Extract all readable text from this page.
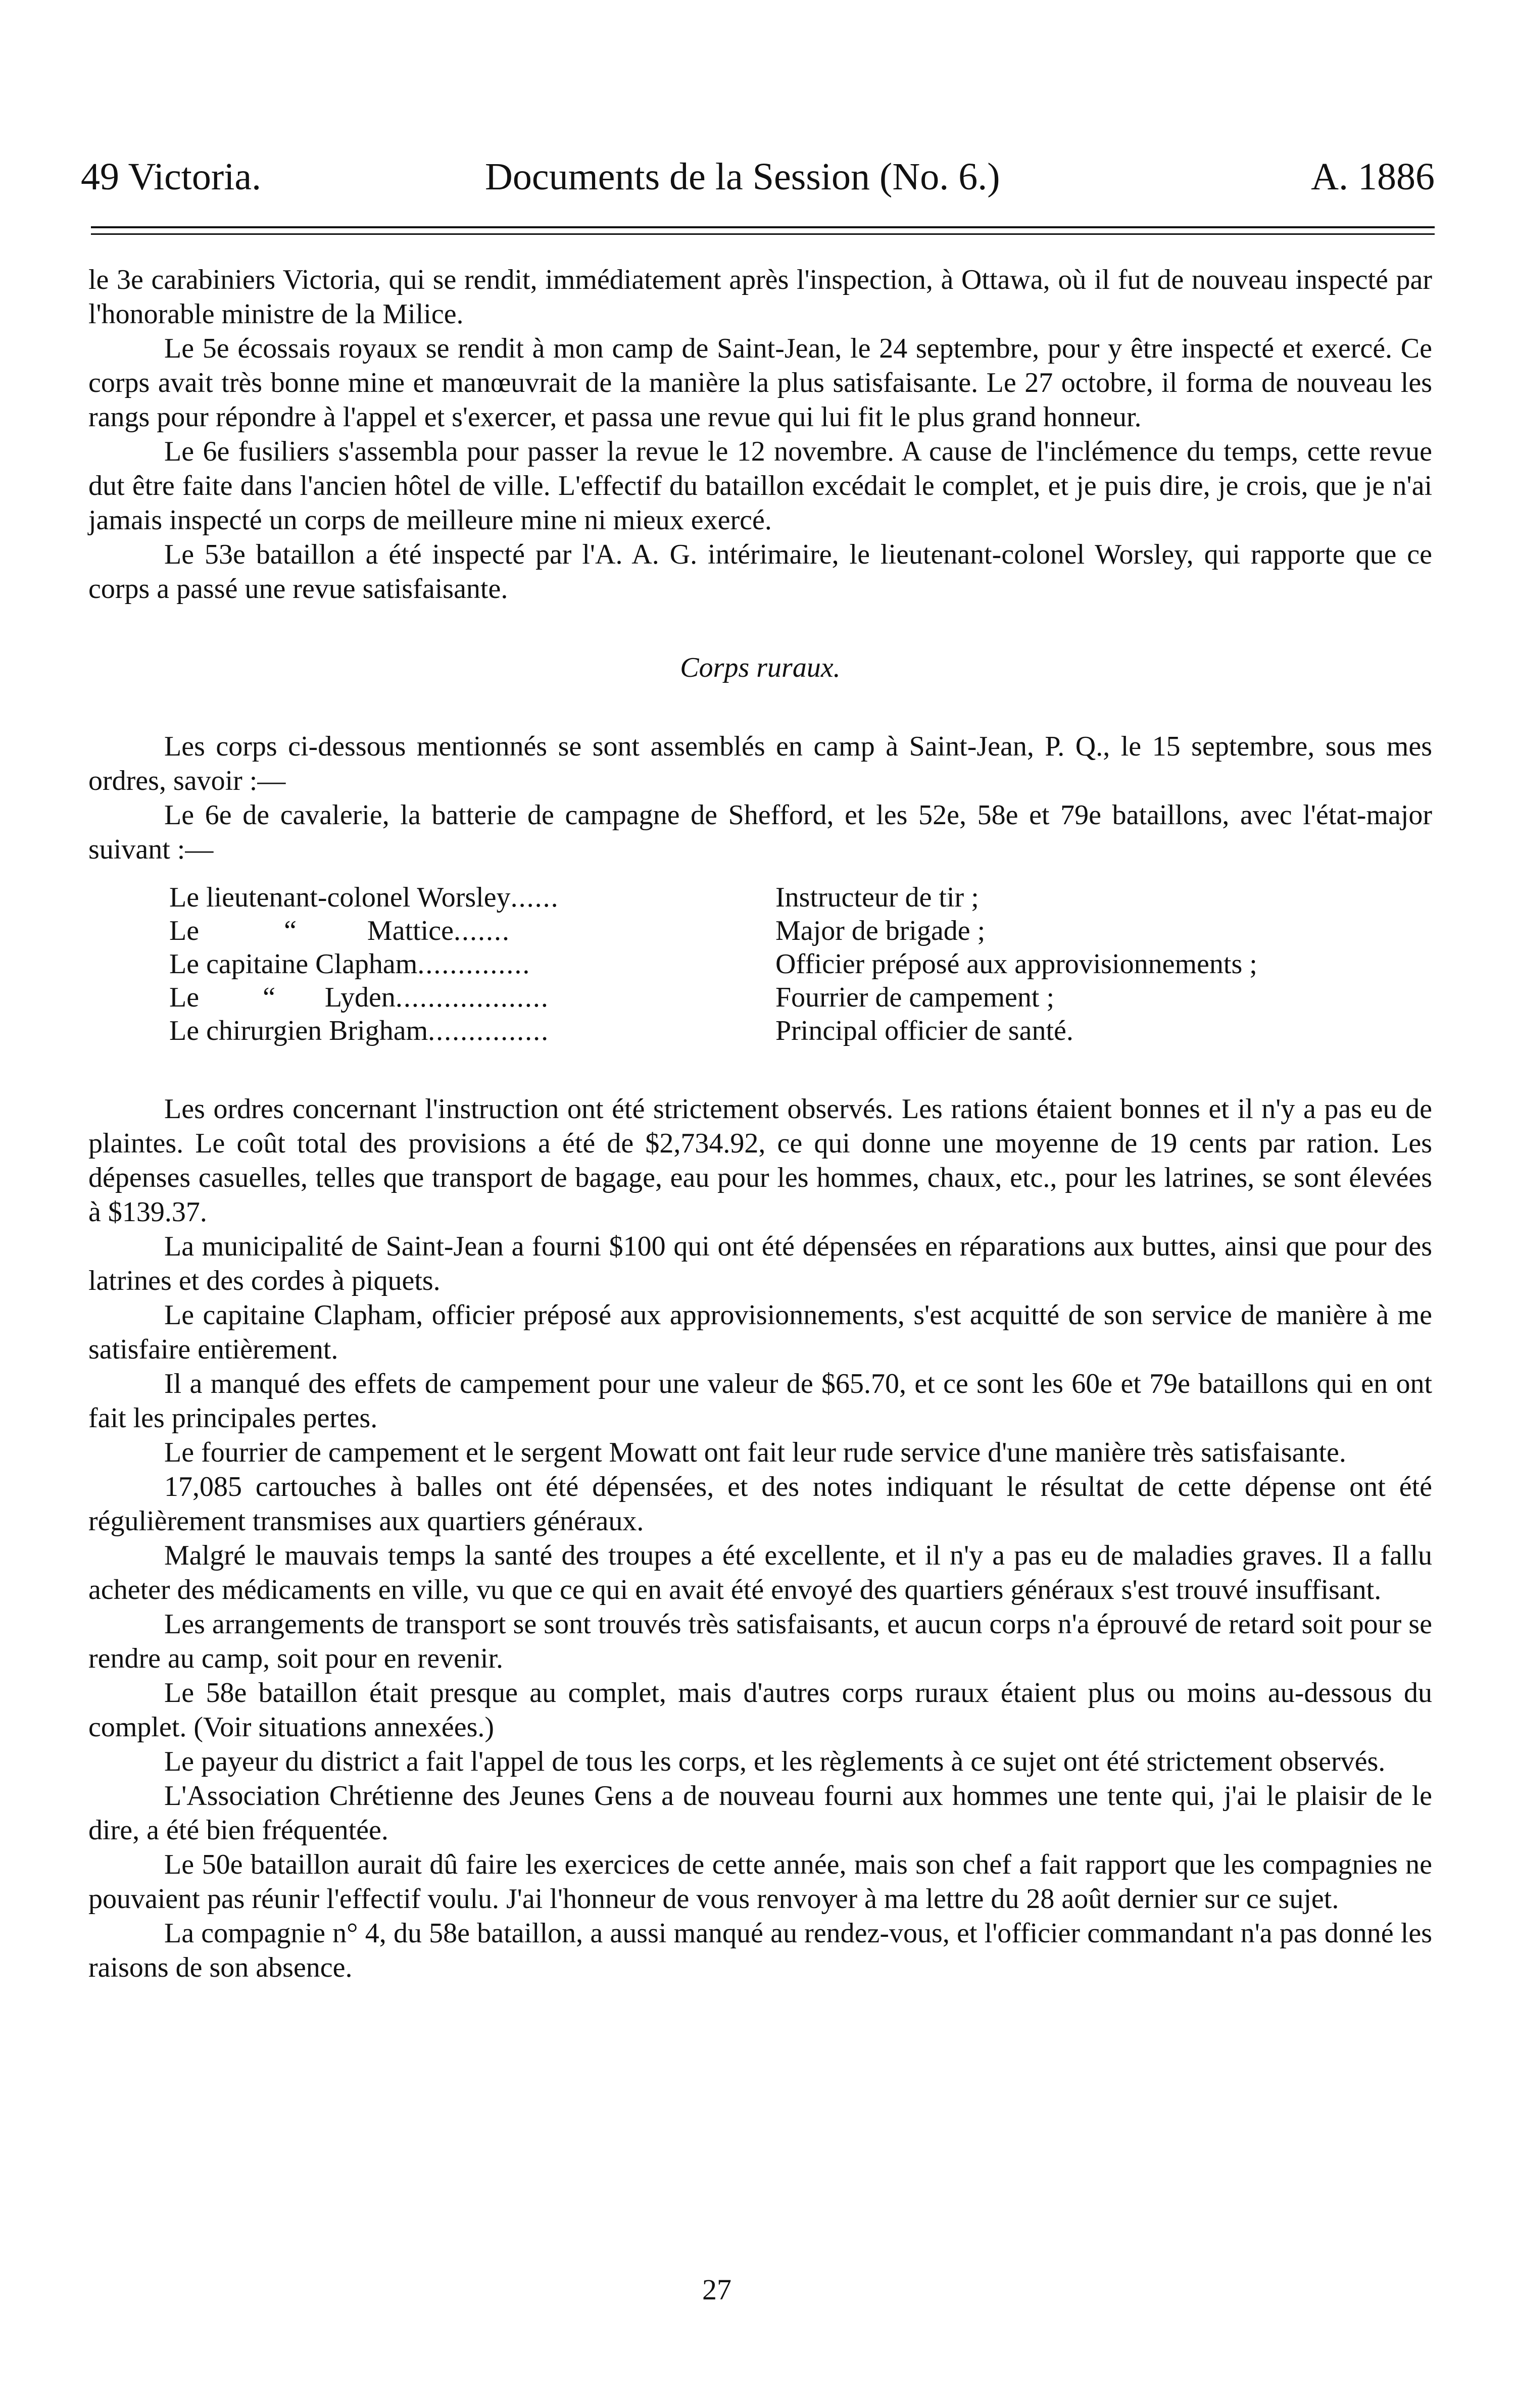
49 Victoria.	Documents de la Session (No. 6.)	A. 1886

le 3e carabiniers Victoria, qui se rendit, immédiatement après l'inspection, à Ottawa, où il fut de nouveau inspecté par l'honorable ministre de la Milice.

Le 5e écossais royaux se rendit à mon camp de Saint-Jean, le 24 septembre, pour y être inspecté et exercé. Ce corps avait très bonne mine et manœuvrait de la manière la plus satisfaisante. Le 27 octobre, il forma de nouveau les rangs pour répondre à l'appel et s'exercer, et passa une revue qui lui fit le plus grand honneur.

Le 6e fusiliers s'assembla pour passer la revue le 12 novembre. A cause de l'inclémence du temps, cette revue dut être faite dans l'ancien hôtel de ville. L'effectif du bataillon excédait le complet, et je puis dire, je crois, que je n'ai jamais inspecté un corps de meilleure mine ni mieux exercé.

Le 53e bataillon a été inspecté par l'A. A. G. intérimaire, le lieutenant-colonel Worsley, qui rapporte que ce corps a passé une revue satisfaisante.

Corps ruraux.

Les corps ci-dessous mentionnés se sont assemblés en camp à Saint-Jean, P. Q., le 15 septembre, sous mes ordres, savoir :—

Le 6e de cavalerie, la batterie de campagne de Shefford, et les 52e, 58e et 79e bataillons, avec l'état-major suivant :—

Le lieutenant-colonel Worsley......	Instructeur de tir ;
Le            “          Mattice.......	Major de brigade ;
Le capitaine Clapham..............	Officier préposé aux approvisionnements ;
Le         “       Lyden...................	Fourrier de campement ;
Le chirurgien Brigham...............	Principal officier de santé.

Les ordres concernant l'instruction ont été strictement observés. Les rations étaient bonnes et il n'y a pas eu de plaintes. Le coût total des provisions a été de $2,734.92, ce qui donne une moyenne de 19 cents par ration. Les dépenses casuelles, telles que transport de bagage, eau pour les hommes, chaux, etc., pour les latrines, se sont élevées à $139.37.

La municipalité de Saint-Jean a fourni $100 qui ont été dépensées en réparations aux buttes, ainsi que pour des latrines et des cordes à piquets.

Le capitaine Clapham, officier préposé aux approvisionnements, s'est acquitté de son service de manière à me satisfaire entièrement.

Il a manqué des effets de campement pour une valeur de $65.70, et ce sont les 60e et 79e bataillons qui en ont fait les principales pertes.

Le fourrier de campement et le sergent Mowatt ont fait leur rude service d'une manière très satisfaisante.

17,085 cartouches à balles ont été dépensées, et des notes indiquant le résultat de cette dépense ont été régulièrement transmises aux quartiers généraux.

Malgré le mauvais temps la santé des troupes a été excellente, et il n'y a pas eu de maladies graves. Il a fallu acheter des médicaments en ville, vu que ce qui en avait été envoyé des quartiers généraux s'est trouvé insuffisant.

Les arrangements de transport se sont trouvés très satisfaisants, et aucun corps n'a éprouvé de retard soit pour se rendre au camp, soit pour en revenir.

Le 58e bataillon était presque au complet, mais d'autres corps ruraux étaient plus ou moins au-dessous du complet. (Voir situations annexées.)

Le payeur du district a fait l'appel de tous les corps, et les règlements à ce sujet ont été strictement observés.

L'Association Chrétienne des Jeunes Gens a de nouveau fourni aux hommes une tente qui, j'ai le plaisir de le dire, a été bien fréquentée.

Le 50e bataillon aurait dû faire les exercices de cette année, mais son chef a fait rapport que les compagnies ne pouvaient pas réunir l'effectif voulu. J'ai l'honneur de vous renvoyer à ma lettre du 28 août dernier sur ce sujet.

La compagnie n° 4, du 58e bataillon, a aussi manqué au rendez-vous, et l'officier commandant n'a pas donné les raisons de son absence.

27
